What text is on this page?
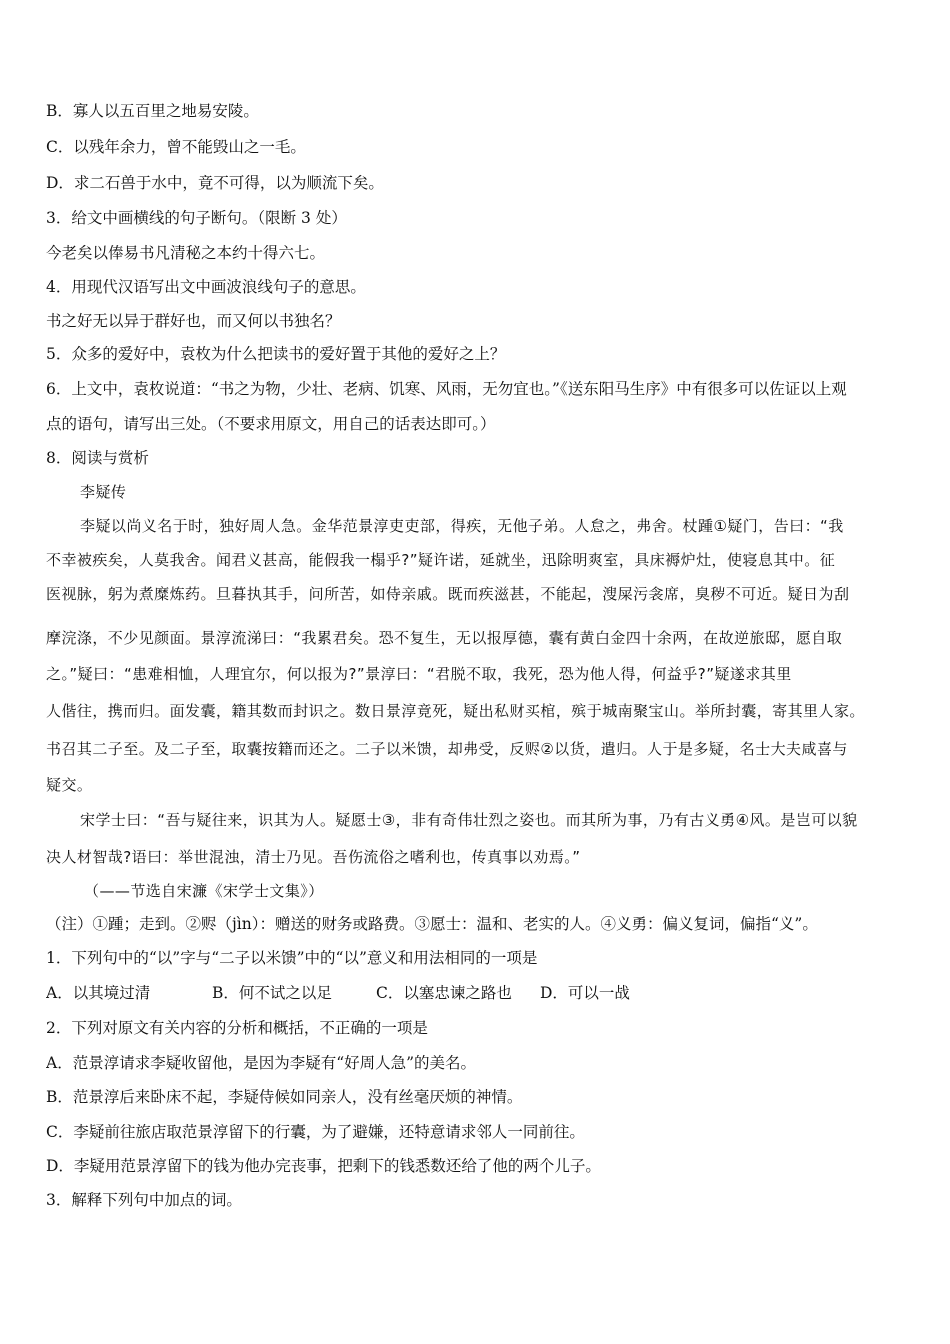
B．寡人以五百里之地易安陵。
C．以残年余力，曾不能毁山之一毛。
D．求二石兽于水中，竟不可得，以为顺流下矣。
3．给文中画横线的句子断句。（限断 3 处）
今老矣以俸易书凡清秘之本约十得六七。
4．用现代汉语写出文中画波浪线句子的意思。
书之好无以异于群好也，而又何以书独名？
5．众多的爱好中，袁枚为什么把读书的爱好置于其他的爱好之上？
6．上文中，袁枚说道：“书之为物，少壮、老病、饥寒、风雨，无勿宜也。”《送东阳马生序》中有很多可以佐证以上观
点的语句，请写出三处。（不要求用原文，用自己的话表达即可。）
8．阅读与赏析
李疑传
李疑以尚义名于时，独好周人急。金华范景淳吏吏部，得疾，无他子弟。人怠之，弗舍。杖踵①疑门，告曰：“我
不幸被疾矣，人莫我舍。闻君义甚高，能假我一榻乎?”疑许诺，延就坐，迅除明爽室，具床褥炉灶，使寝息其中。征
医视脉，躬为煮糜炼药。旦暮执其手，问所苦，如侍亲戚。既而疾滋甚，不能起，溲屎污衾席，臭秽不可近。疑日为刮
摩浣涤，不少见颜面。景淳流涕曰：“我累君矣。恐不复生，无以报厚德，囊有黄白金四十余两，在故逆旅邸，愿自取
之。”疑曰：“患难相恤，人理宜尔，何以报为?”景淳曰：“君脱不取，我死，恐为他人得，何益乎?”疑遂求其里
人偕往，携而归。面发囊，籍其数而封识之。数日景淳竟死，疑出私财买棺，殡于城南聚宝山。举所封囊，寄其里人家。
书召其二子至。及二子至，取囊按籍而还之。二子以米馈，却弗受，反赆②以货，遣归。人于是多疑，名士大夫咸喜与
疑交。
宋学士曰：“吾与疑往来，识其为人。疑愿士③，非有奇伟壮烈之姿也。而其所为事，乃有古义勇④风。是岂可以貌
决人材智哉?语曰：举世混浊，清士乃见。吾伤流俗之嗜利也，传真事以劝焉。”
（——节选自宋濂《宋学士文集》）
（注）①踵；走到。②赆（jìn）：赠送的财务或路费。③愿士：温和、老实的人。④义勇：偏义复词，偏指“义”。
1．下列句中的“以”字与“二子以米馈”中的“以”意义和用法相同的一项是
A．以其境过清	B．何不试之以足	C．以塞忠谏之路也 D．可以一战
2．下列对原文有关内容的分析和概括，不正确的一项是
A．范景淳请求李疑收留他，是因为李疑有“好周人急”的美名。
B．范景淳后来卧床不起，李疑侍候如同亲人，没有丝毫厌烦的神情。
C．李疑前往旅店取范景淳留下的行囊，为了避嫌，还特意请求邻人一同前往。
D．李疑用范景淳留下的钱为他办完丧事，把剩下的钱悉数还给了他的两个儿子。
3．解释下列句中加点的词。
